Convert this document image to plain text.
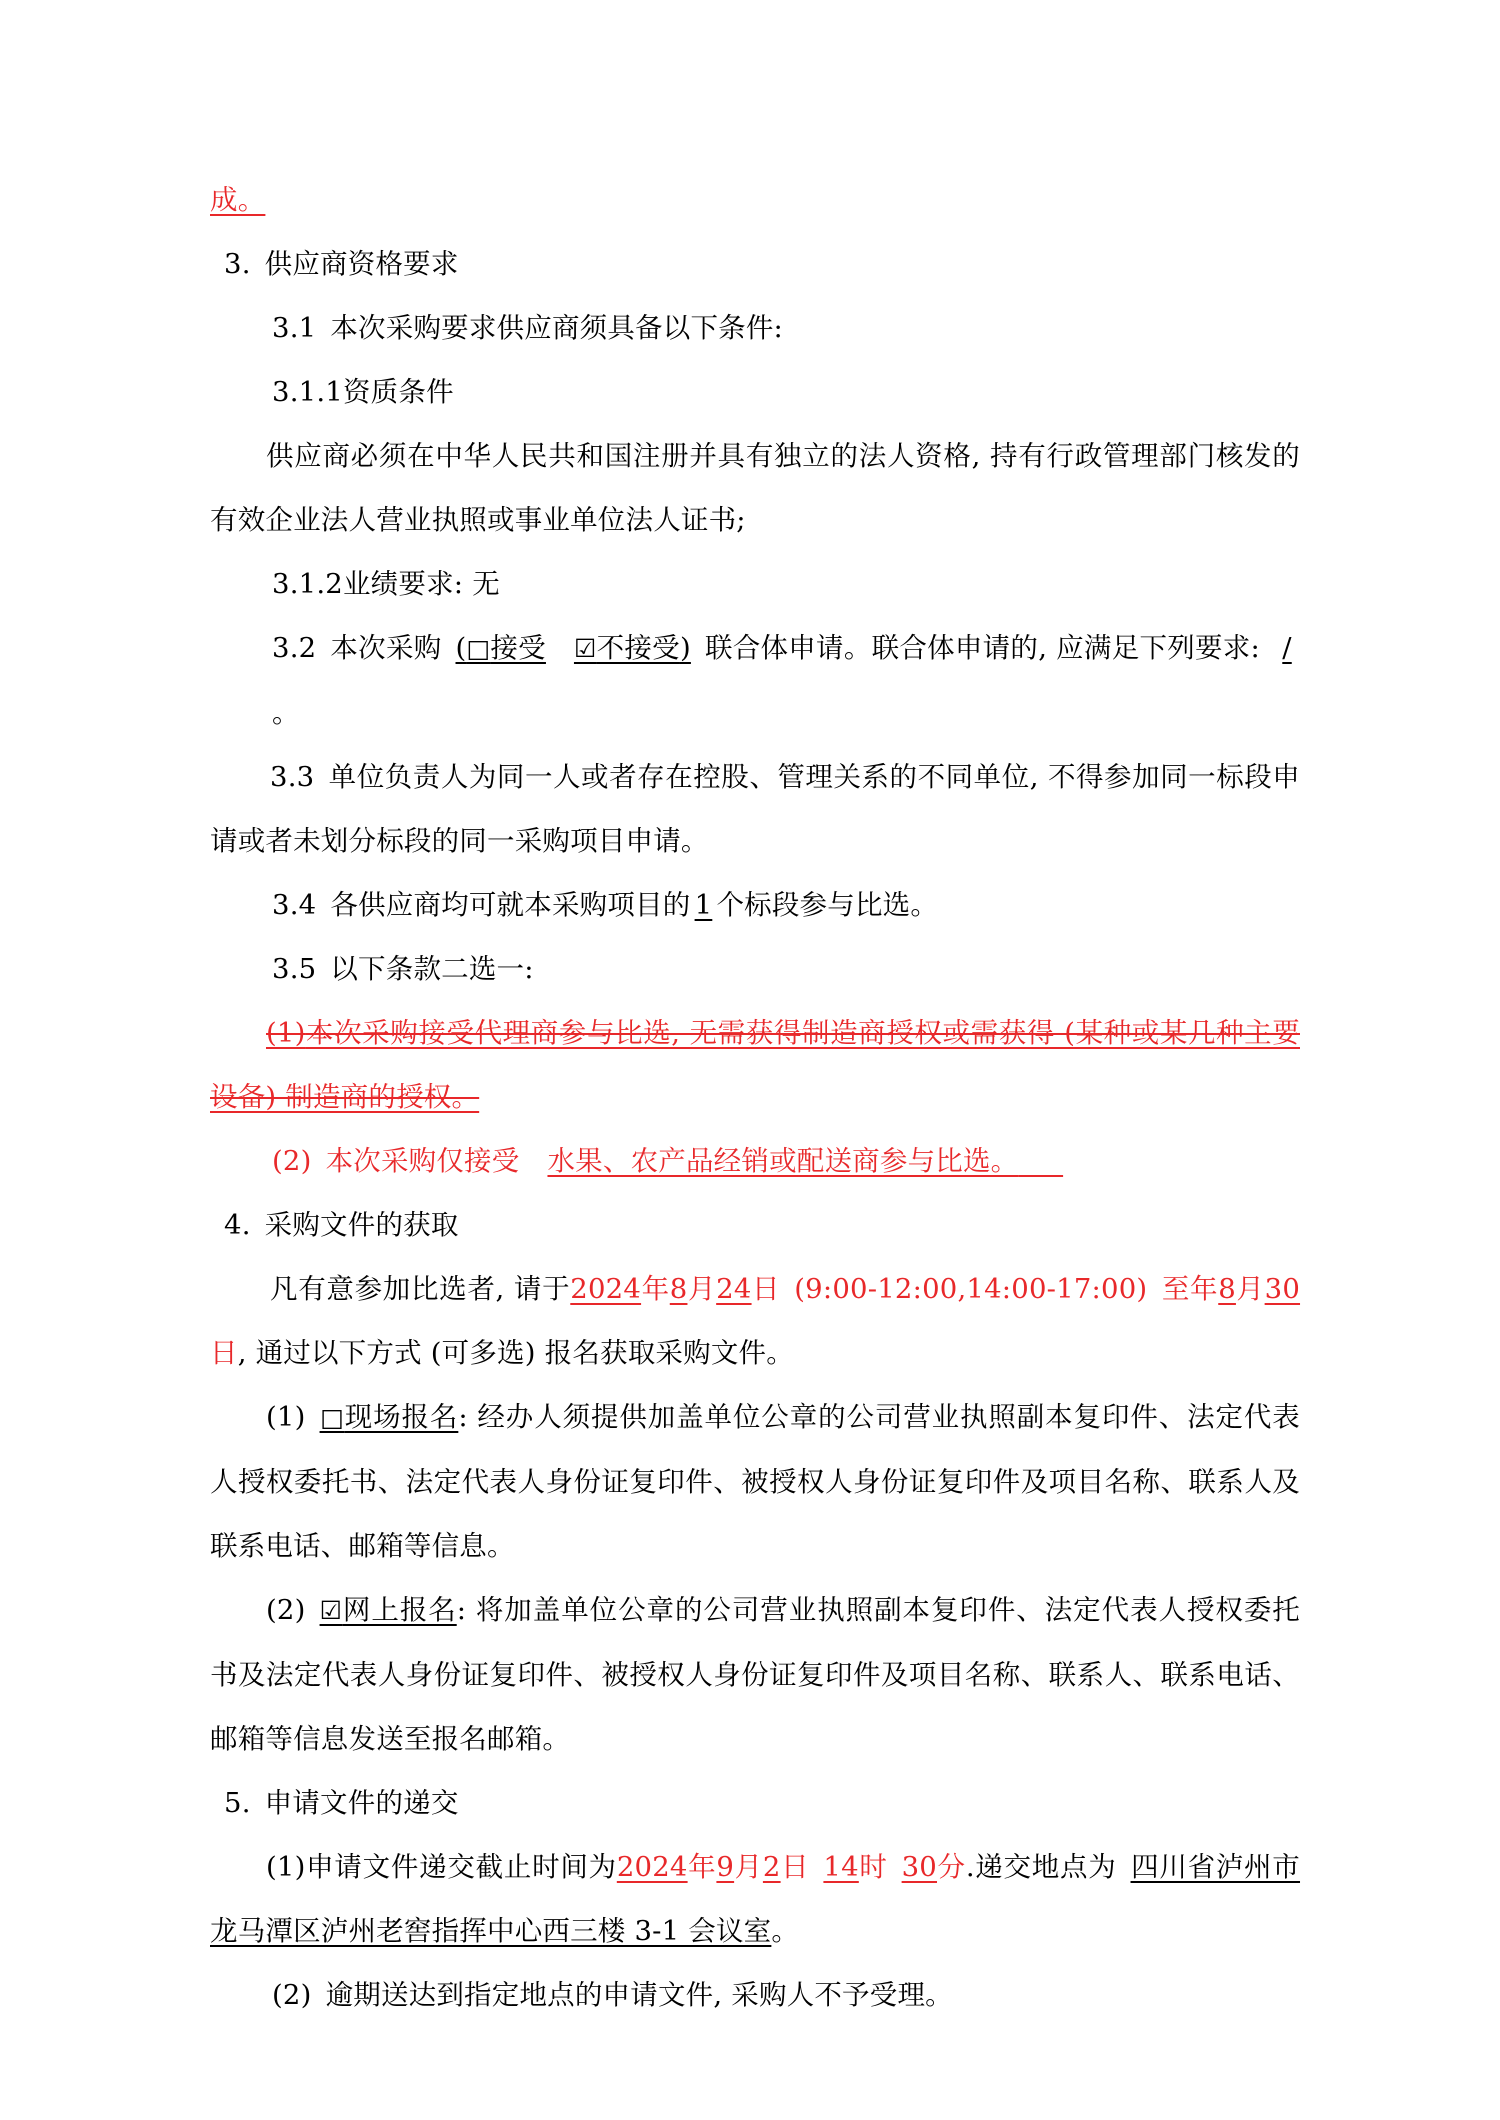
成。

3. 供应商资格要求

3.1 本次采购要求供应商须具备以下条件:

3.1.1资质条件

供应商必须在中华人民共和国注册并具有独立的法人资格, 持有行政管理部门核发的有效企业法人营业执照或事业单位法人证书;

3.1.2业绩要求: 无

3.2 本次采购 (□接受 ☑不接受) 联合体申请。联合体申请的, 应满足下列要求: /。

3.3 单位负责人为同一人或者存在控股、管理关系的不同单位, 不得参加同一标段申请或者未划分标段的同一采购项目申请。

3.4 各供应商均可就本采购项目的 1 个标段参与比选。

3.5 以下条款二选一:

(1)本次采购接受代理商参与比选, 无需获得制造商授权或需获得 (某种或某几种主要设备) 制造商的授权。

(2) 本次采购仅接受 水果、农产品经销或配送商参与比选。

4. 采购文件的获取

凡有意参加比选者, 请于2024年8月24日 (9:00-12:00,14:00-17:00) 至年8月30日, 通过以下方式 (可多选) 报名获取采购文件。

(1) □现场报名: 经办人须提供加盖单位公章的公司营业执照副本复印件、法定代表人授权委托书、法定代表人身份证复印件、被授权人身份证复印件及项目名称、联系人及联系电话、邮箱等信息。

(2) ☑网上报名: 将加盖单位公章的公司营业执照副本复印件、法定代表人授权委托书及法定代表人身份证复印件、被授权人身份证复印件及项目名称、联系人、联系电话、邮箱等信息发送至报名邮箱。

5. 申请文件的递交

(1)申请文件递交截止时间为2024年9月2日 14时 30分.递交地点为 四川省泸州市龙马潭区泸州老窖指挥中心西三楼 3-1 会议室。

(2) 逾期送达到指定地点的申请文件, 采购人不予受理。
